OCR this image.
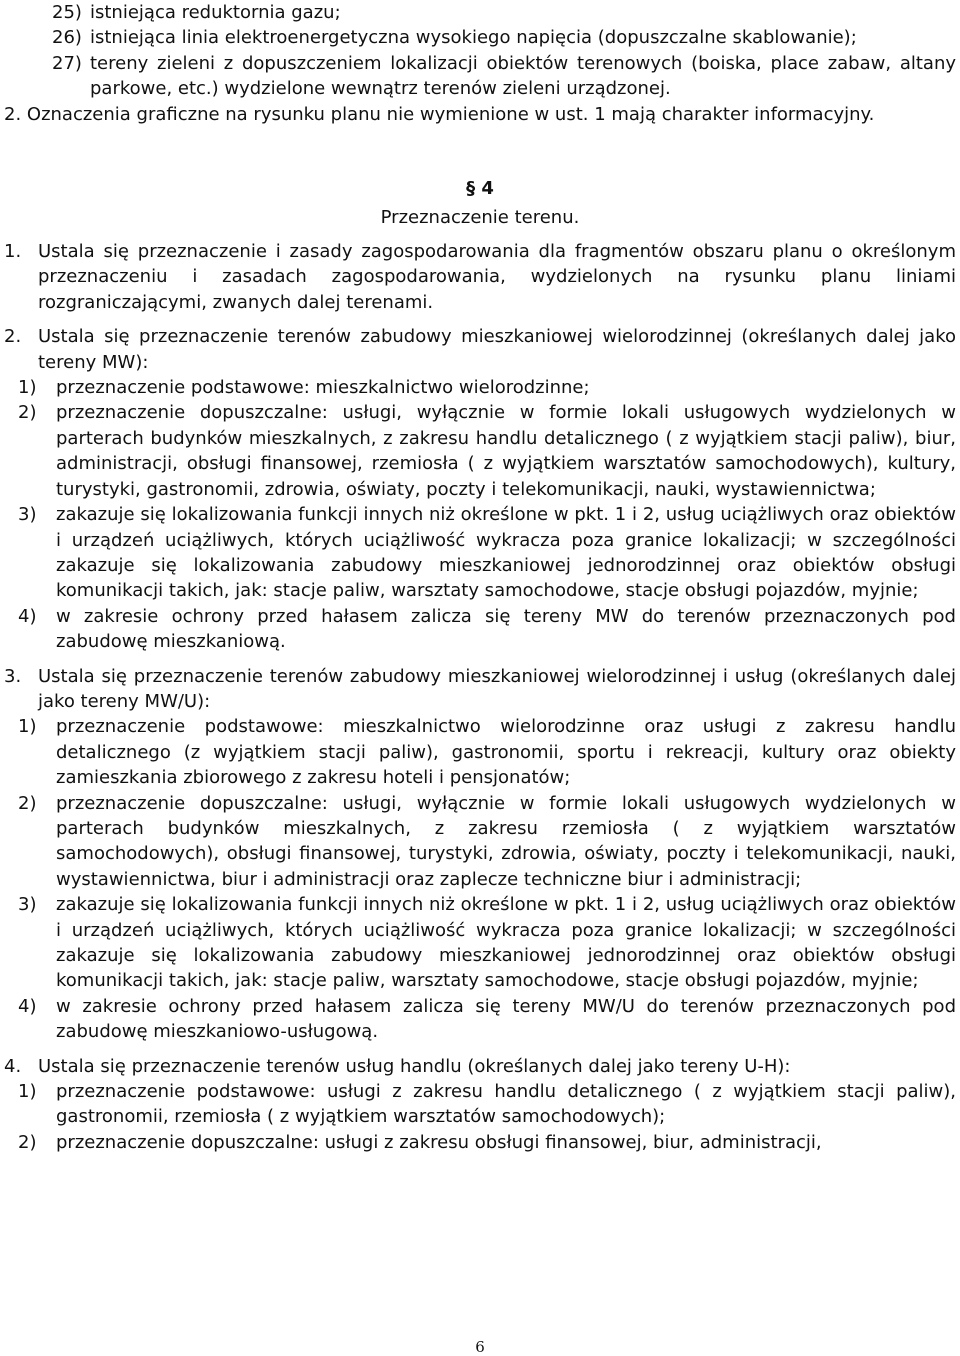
25) istniejąca reduktornia gazu;
26) istniejąca linia elektroenergetyczna wysokiego napięcia (dopuszczalne skablowanie);
27) tereny zieleni z dopuszczeniem lokalizacji obiektów terenowych (boiska, place zabaw, altany parkowe, etc.) wydzielone wewnątrz terenów zieleni urządzonej.
2. Oznaczenia graficzne na rysunku planu nie wymienione w ust. 1 mają charakter informacyjny.
§ 4
Przeznaczenie terenu.
1. Ustala się przeznaczenie i zasady zagospodarowania dla fragmentów obszaru planu o określonym przeznaczeniu i zasadach zagospodarowania, wydzielonych na rysunku planu liniami rozgraniczającymi, zwanych dalej terenami.
2. Ustala się przeznaczenie terenów zabudowy mieszkaniowej wielorodzinnej (określanych dalej jako tereny MW):
1)	przeznaczenie podstawowe: mieszkalnictwo wielorodzinne;
2)	przeznaczenie dopuszczalne: usługi, wyłącznie w formie lokali usługowych wydzielonych w parterach budynków mieszkalnych, z zakresu handlu detalicznego ( z wyjątkiem stacji paliw), biur, administracji, obsługi finansowej, rzemiosła ( z wyjątkiem warsztatów samochodowych), kultury, turystyki, gastronomii, zdrowia, oświaty, poczty i telekomunikacji, nauki, wystawiennictwa;
3)	zakazuje się lokalizowania funkcji innych niż określone w pkt. 1 i 2, usług uciążliwych oraz obiektów i urządzeń uciążliwych, których uciążliwość wykracza poza granice lokalizacji; w szczególności zakazuje się lokalizowania zabudowy mieszkaniowej jednorodzinnej oraz obiektów obsługi komunikacji takich, jak: stacje paliw, warsztaty samochodowe, stacje obsługi pojazdów, myjnie;
4)	w zakresie ochrony przed hałasem zalicza się tereny MW do terenów przeznaczonych pod zabudowę mieszkaniową.
3. Ustala się przeznaczenie terenów zabudowy mieszkaniowej wielorodzinnej i usług (określanych dalej jako tereny MW/U):
1)	przeznaczenie podstawowe: mieszkalnictwo wielorodzinne oraz usługi z zakresu handlu detalicznego (z wyjątkiem stacji paliw), gastronomii, sportu i rekreacji, kultury oraz obiekty zamieszkania zbiorowego z zakresu hoteli i pensjonatów;
2)	przeznaczenie dopuszczalne: usługi, wyłącznie w formie lokali usługowych wydzielonych w parterach budynków mieszkalnych, z zakresu rzemiosła ( z wyjątkiem warsztatów samochodowych), obsługi finansowej, turystyki, zdrowia, oświaty, poczty i telekomunikacji, nauki, wystawiennictwa, biur i administracji oraz zaplecze techniczne biur i administracji;
3)	zakazuje się lokalizowania funkcji innych niż określone w pkt. 1 i 2, usług uciążliwych oraz obiektów i urządzeń uciążliwych, których uciążliwość wykracza poza granice lokalizacji; w szczególności zakazuje się lokalizowania zabudowy mieszkaniowej jednorodzinnej oraz obiektów obsługi komunikacji takich, jak: stacje paliw, warsztaty samochodowe, stacje obsługi pojazdów, myjnie;
4)	w zakresie ochrony przed hałasem zalicza się tereny MW/U do terenów przeznaczonych pod zabudowę mieszkaniowo-usługową.
4. Ustala się przeznaczenie terenów usług handlu (określanych dalej jako tereny U-H):
1)	przeznaczenie podstawowe: usługi z zakresu handlu detalicznego ( z wyjątkiem stacji paliw), gastronomii, rzemiosła ( z wyjątkiem warsztatów samochodowych);
2)	przeznaczenie dopuszczalne: usługi z zakresu obsługi finansowej, biur, administracji,
6
